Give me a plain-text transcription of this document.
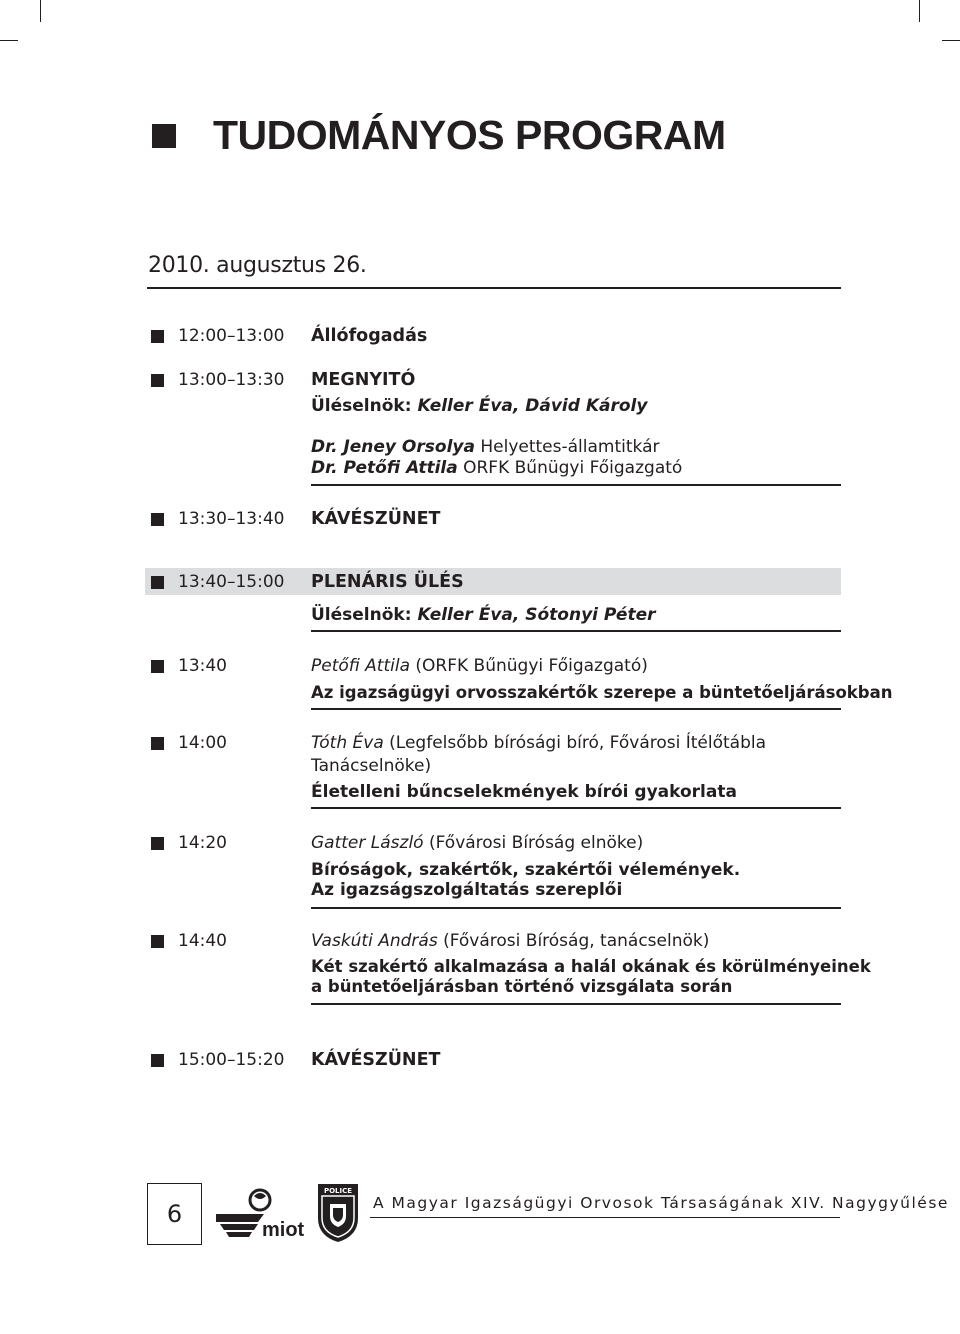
TUDOMÁNYOS PROGRAM
2010. augusztus 26.
12:00–13:00 Állófogadás
13:00–13:30 MEGNYITÓ
Üléselnök: Keller Éva, Dávid Károly
Dr. Jeney Orsolya Helyettes-államtitkár
Dr. Petőfi Attila ORFK Bűnügyi Főigazgató
13:30–13:40 KÁVÉSZÜNET
13:40–15:00 PLENÁRIS ÜLÉS
Üléselnök: Keller Éva, Sótonyi Péter
13:40	Petőfi Attila (ORFK Bűnügyi Főigazgató)
Az igazságügyi orvosszakértők szerepe a büntetőeljárásokban
14:00	Tóth Éva (Legfelsőbb bírósági bíró, Fővárosi Ítélőtábla
Tanácselnöke)
Életelleni bűncselekmények bírói gyakorlata
14:20	Gatter László (Fővárosi Bíróság elnöke)
Bíróságok, szakértők, szakértői vélemények.
Az igazságszolgáltatás szereplői
14:40	Vaskúti András (Fővárosi Bíróság, tanácselnök)
Két szakértő alkalmazása a halál okának és körülményeinek
a büntetőeljárásban történő vizsgálata során
15:00–15:20 KÁVÉSZÜNET
6
miot
POLICE
A Magyar Igazságügyi Orvosok Társaságának XIV. Nagygyűlése
